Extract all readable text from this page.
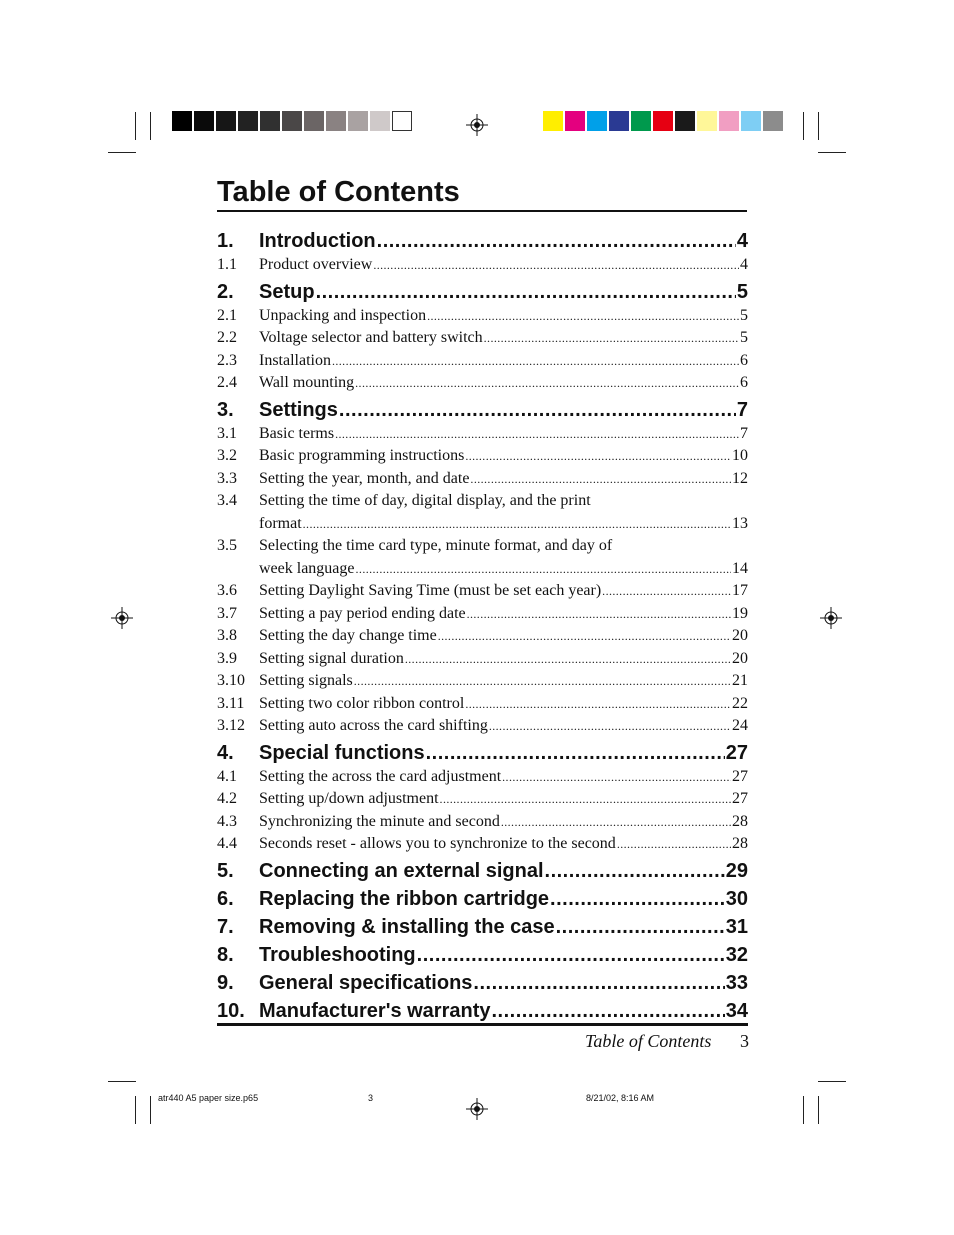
Table of Contents
1.	Introduction .....	4
1.1	Product overview .....	4
2.	Setup .....	5
2.1	Unpacking and inspection .....	5
2.2	Voltage selector and battery switch .....	5
2.3	Installation .....	6
2.4	Wall mounting .....	6
3.	Settings .....	7
3.1	Basic terms .....	7
3.2	Basic programming instructions .....	10
3.3	Setting the year, month, and date .....	12
3.4 Setting the time of day, digital display, and the print
format .....	13
3.5 Selecting the time card type, minute format, and day of
week language .....	14
3.6	Setting Daylight Saving Time (must be set each year) .....	17
3.7	Setting a pay period ending date .....	19
3.8	Setting the day change time .....	20
3.9	Setting signal duration .....	20
3.10 Setting signals .....	21
3.11 Setting two color ribbon control .....	22
3.12 Setting auto across the card shifting .....	24
4.	Special functions .....	27
4.1	Setting the across the card adjustment .....	27
4.2	Setting up/down adjustment .....	27
4.3	Synchronizing the minute and second .....	28
4.4	Seconds reset - allows you to synchronize to the second .....	28
5.	Connecting an external signal .....	29
6.	Replacing the ribbon cartridge .....	30
7.	Removing & installing the case .....	31
8.	Troubleshooting .....	32
9.	General specifications .....	33
10. Manufacturer's warranty .....	34
Table of Contents 3
atr440 A5 paper size.p65	3	8/21/02, 8:16 AM
